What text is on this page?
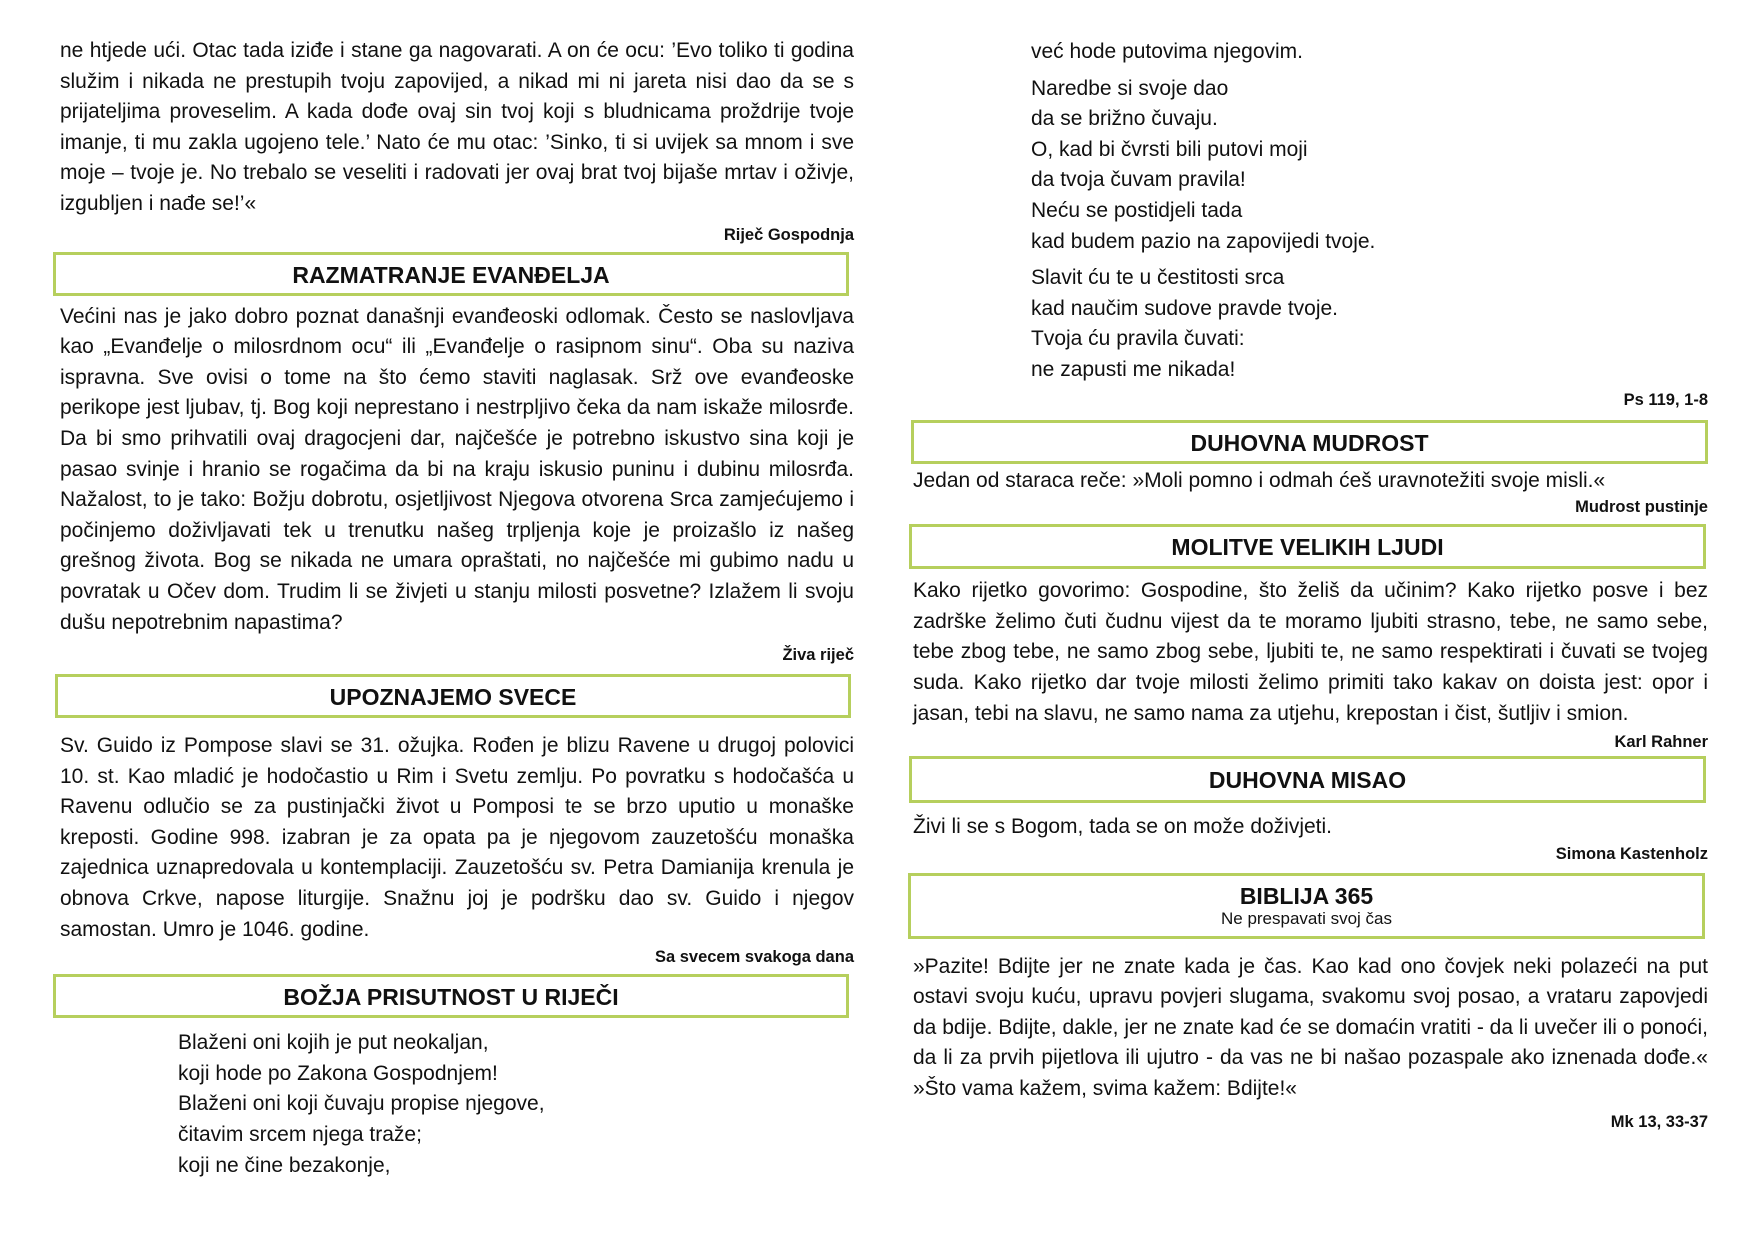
ne htjede ući. Otac tada iziđe i stane ga nagovarati. A on će ocu: ’Evo toliko ti godina služim i nikada ne prestupih tvoju zapovijed, a nikad mi ni jareta nisi dao da se s prijateljima proveselim. A kada dođe ovaj sin tvoj koji s bludnicama proždrije tvoje imanje, ti mu zakla ugojeno tele.’ Nato će mu otac: ’Sinko, ti si uvijek sa mnom i sve moje – tvoje je. No trebalo se veseliti i radovati jer ovaj brat tvoj bijaše mrtav i oživje, izgubljen i nađe se!’«

Riječ Gospodnja

RAZMATRANJE EVANĐELJA

Većini nas je jako dobro poznat današnji evanđeoski odlomak. Često se naslovljava kao „Evanđelje o milosrdnom ocu“ ili „Evanđelje o rasipnom sinu“. Oba su naziva ispravna. Sve ovisi o tome na što ćemo staviti naglasak. Srž ove evanđeoske perikope jest ljubav, tj. Bog koji neprestano i nestrpljivo čeka da nam iskaže milosrđe. Da bi smo prihvatili ovaj dragocjeni dar, najčešće je potrebno iskustvo sina koji je pasao svinje i hranio se rogačima da bi na kraju iskusio puninu i dubinu milosrđa. Nažalost, to je tako: Božju dobrotu, osjetljivost Njegova otvorena Srca zamjećujemo i počinjemo doživljavati tek u trenutku našeg trpljenja koje je proizašlo iz našeg grešnog života. Bog se nikada ne umara opraštati, no najčešće mi gubimo nadu u povratak u Očev dom. Trudim li se živjeti u stanju milosti posvetne? Izlažem li svoju dušu nepotrebnim napastima?

Živa riječ

UPOZNAJEMO SVECE

Sv. Guido iz Pompose slavi se 31. ožujka. Rođen je blizu Ravene u drugoj polovici 10. st. Kao mladić je hodočastio u Rim i Svetu zemlju. Po povratku s hodočašća u Ravenu odlučio se za pustinjački život u Pomposi te se brzo uputio u monaške kreposti. Godine 998. izabran je za opata pa je njegovom zauzetošću monaška zajednica uznapredovala u kontemplaciji. Zauzetošću sv. Petra Damianija krenula je obnova Crkve, napose liturgije. Snažnu joj je podršku dao sv. Guido i njegov samostan. Umro je 1046. godine.

Sa svecem svakoga dana

BOŽJA PRISUTNOST U RIJEČI
Blaženi oni kojih je put neokaljan,
koji hode po Zakona Gospodnjem!
Blaženi oni koji čuvaju propise njegove,
čitavim srcem njega traže;
koji ne čine bezakonje,
već hode putovima njegovim.
Naredbe si svoje dao
da se brižno čuvaju.
O, kad bi čvrsti bili putovi moji
da tvoja čuvam pravila!
Neću se postidjeli tada
kad budem pazio na zapovijedi tvoje.
Slavit ću te u čestitosti srca
kad naučim sudove pravde tvoje.
Tvoja ću pravila čuvati:
ne zapusti me nikada!

Ps 119, 1-8

DUHOVNA MUDROST

Jedan od staraca reče: »Moli pomno i odmah ćeš uravnotežiti svoje misli.«

Mudrost pustinje

MOLITVE VELIKIH LJUDI

Kako rijetko govorimo: Gospodine, što želiš da učinim? Kako rijetko posve i bez zadrške želimo čuti čudnu vijest da te moramo ljubiti strasno, tebe, ne samo sebe, tebe zbog tebe, ne samo zbog sebe, ljubiti te, ne samo respektirati i čuvati se tvojeg suda. Kako rijetko dar tvoje milosti želimo primiti tako kakav on doista jest: opor i jasan, tebi na slavu, ne samo nama za utjehu, krepostan i čist, šutljiv i smion.

Karl Rahner

DUHOVNA MISAO

Živi li se s Bogom, tada se on može doživjeti.

Simona Kastenholz

BIBLIJA 365
Ne prespavati svoj čas

»Pazite! Bdijte jer ne znate kada je čas. Kao kad ono čovjek neki polazeći na put ostavi svoju kuću, upravu povjeri slugama, svakomu svoj posao, a vrataru zapovjedi da bdije. Bdijte, dakle, jer ne znate kad će se domaćin vratiti - da li uvečer ili o ponoći, da li za prvih pijetlova ili ujutro - da vas ne bi našao pozaspale ako iznenada dođe.« »Što vama kažem, svima kažem: Bdijte!«

Mk 13, 33-37
